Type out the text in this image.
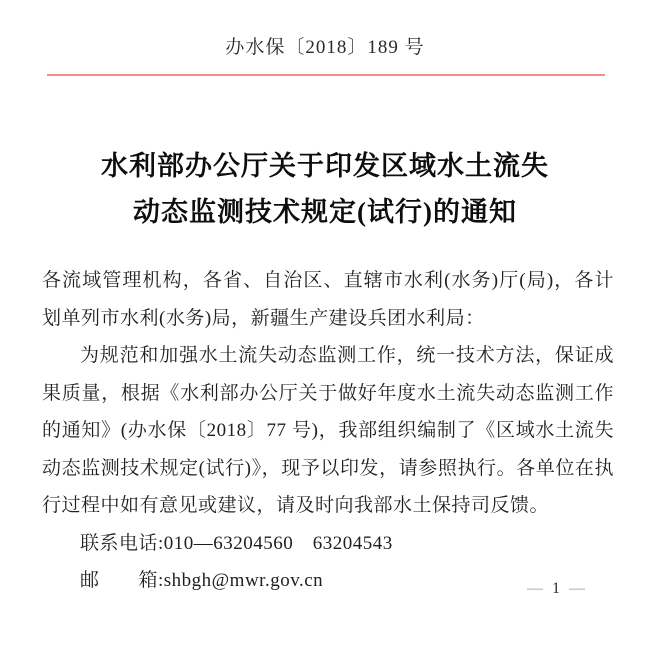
办水保〔2018〕189 号
水利部办公厅关于印发区域水土流失
动态监测技术规定(试行)的通知

各流域管理机构，各省、自治区、直辖市水利(水务)厅(局)，各计划单列市水利(水务)局，新疆生产建设兵团水利局：

为规范和加强水土流失动态监测工作，统一技术方法，保证成果质量，根据《水利部办公厅关于做好年度水土流失动态监测工作的通知》(办水保〔2018〕77 号)，我部组织编制了《区域水土流失动态监测技术规定(试行)》，现予以印发，请参照执行。各单位在执行过程中如有意见或建议，请及时向我部水土保持司反馈。

联系电话:010—63204560　63204543

邮　　箱:shbgh@mwr.gov.cn	— 1 —
